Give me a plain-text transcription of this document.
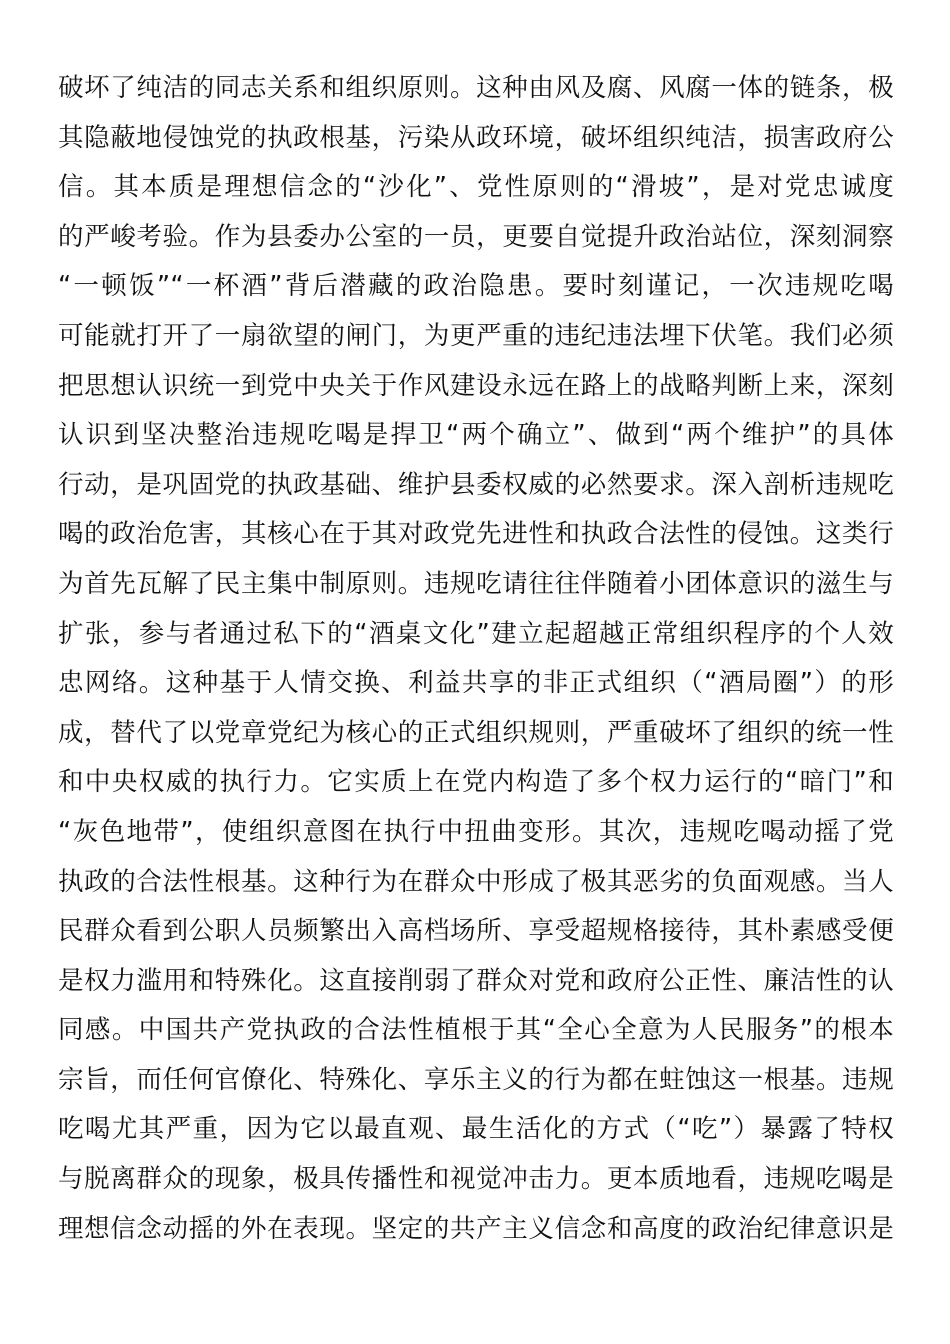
破坏了纯洁的同志关系和组织原则。这种由风及腐、风腐一体的链条，极
其隐蔽地侵蚀党的执政根基，污染从政环境，破坏组织纯洁，损害政府公
信。其本质是理想信念的“沙化”、党性原则的“滑坡”，是对党忠诚度
的严峻考验。作为县委办公室的一员，更要自觉提升政治站位，深刻洞察
“一顿饭”“一杯酒”背后潜藏的政治隐患。要时刻谨记，一次违规吃喝
可能就打开了一扇欲望的闸门，为更严重的违纪违法埋下伏笔。我们必须
把思想认识统一到党中央关于作风建设永远在路上的战略判断上来，深刻
认识到坚决整治违规吃喝是捍卫“两个确立”、做到“两个维护”的具体
行动，是巩固党的执政基础、维护县委权威的必然要求。深入剖析违规吃
喝的政治危害，其核心在于其对政党先进性和执政合法性的侵蚀。这类行
为首先瓦解了民主集中制原则。违规吃请往往伴随着小团体意识的滋生与
扩张，参与者通过私下的“酒桌文化”建立起超越正常组织程序的个人效
忠网络。这种基于人情交换、利益共享的非正式组织（“酒局圈”）的形
成，替代了以党章党纪为核心的正式组织规则，严重破坏了组织的统一性
和中央权威的执行力。它实质上在党内构造了多个权力运行的“暗门”和
“灰色地带”，使组织意图在执行中扭曲变形。其次，违规吃喝动摇了党
执政的合法性根基。这种行为在群众中形成了极其恶劣的负面观感。当人
民群众看到公职人员频繁出入高档场所、享受超规格接待，其朴素感受便
是权力滥用和特殊化。这直接削弱了群众对党和政府公正性、廉洁性的认
同感。中国共产党执政的合法性植根于其“全心全意为人民服务”的根本
宗旨，而任何官僚化、特殊化、享乐主义的行为都在蛀蚀这一根基。违规
吃喝尤其严重，因为它以最直观、最生活化的方式（“吃”）暴露了特权
与脱离群众的现象，极具传播性和视觉冲击力。更本质地看，违规吃喝是
理想信念动摇的外在表现。坚定的共产主义信念和高度的政治纪律意识是
